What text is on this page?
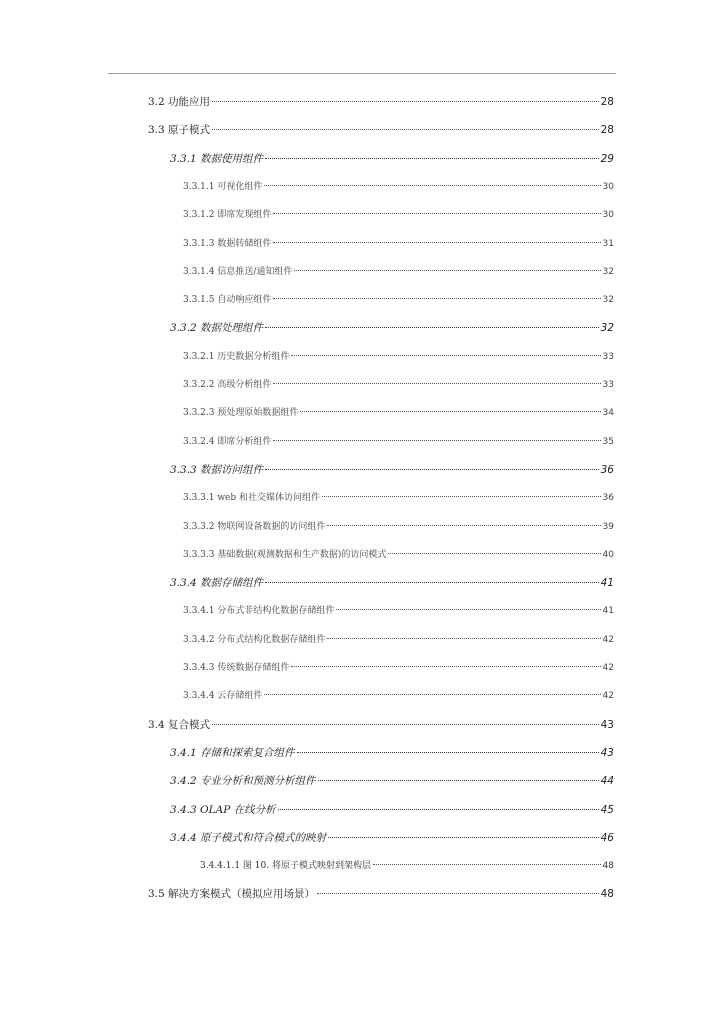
3.2 功能应用	28
3.3 原子模式	28
3.3.1 数据使用组件	29
3.3.1.1 可视化组件	30
3.3.1.2 即席发现组件	30
3.3.1.3 数据转储组件	31
3.3.1.4 信息推送/通知组件	32
3.3.1.5 自动响应组件	32
3.3.2 数据处理组件	32
3.3.2.1 历史数据分析组件	33
3.3.2.2 高级分析组件	33
3.3.2.3 预处理原始数据组件	34
3.3.2.4 即席分析组件	35
3.3.3 数据访问组件	36
3.3.3.1 web 和社交媒体访问组件	36
3.3.3.2 物联网设备数据的访问组件	39
3.3.3.3 基础数据(观测数据和生产数据)的访问模式	40
3.3.4 数据存储组件	41
3.3.4.1 分布式非结构化数据存储组件	41
3.3.4.2 分布式结构化数据存储组件	42
3.3.4.3 传统数据存储组件	42
3.3.4.4 云存储组件	42
3.4 复合模式	43
3.4.1 存储和探索复合组件	43
3.4.2 专业分析和预测分析组件	44
3.4.3 OLAP 在线分析	45
3.4.4 原子模式和符合模式的映射	46
3.4.4.1.1 图 10. 将原子模式映射到架构层	48
3.5 解决方案模式（模拟应用场景）	48
